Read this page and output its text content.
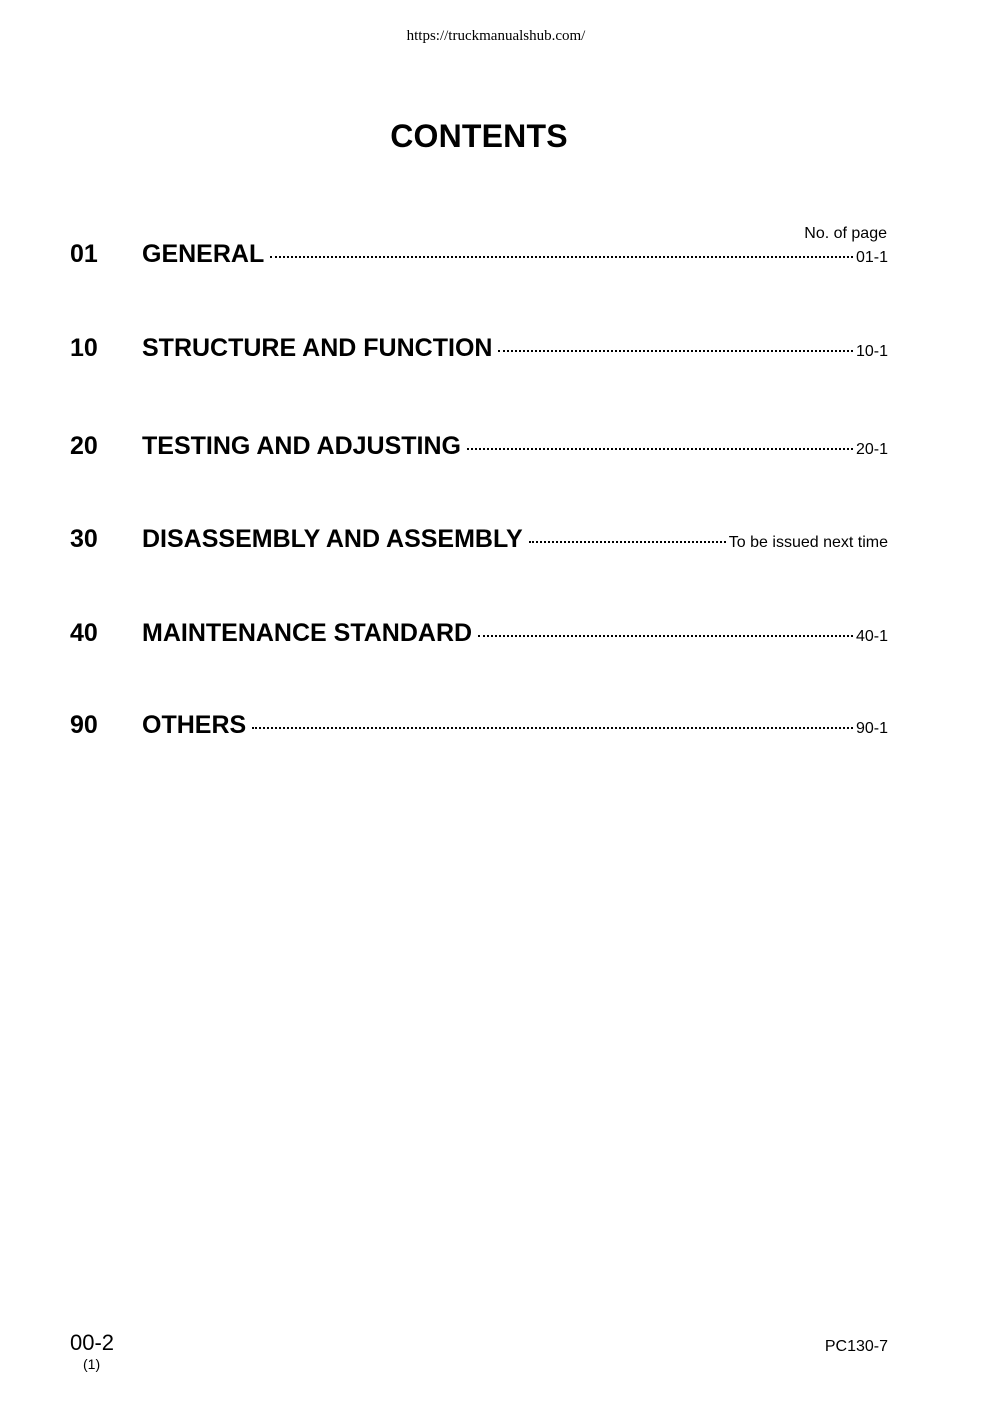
https://truckmanualshub.com/
CONTENTS
No. of page
01	GENERAL	01-1
10	STRUCTURE AND FUNCTION	10-1
20	TESTING AND ADJUSTING	20-1
30	DISASSEMBLY AND ASSEMBLY	To be issued next time
40	MAINTENANCE STANDARD	40-1
90	OTHERS	90-1
00-2
(1)
PC130-7
